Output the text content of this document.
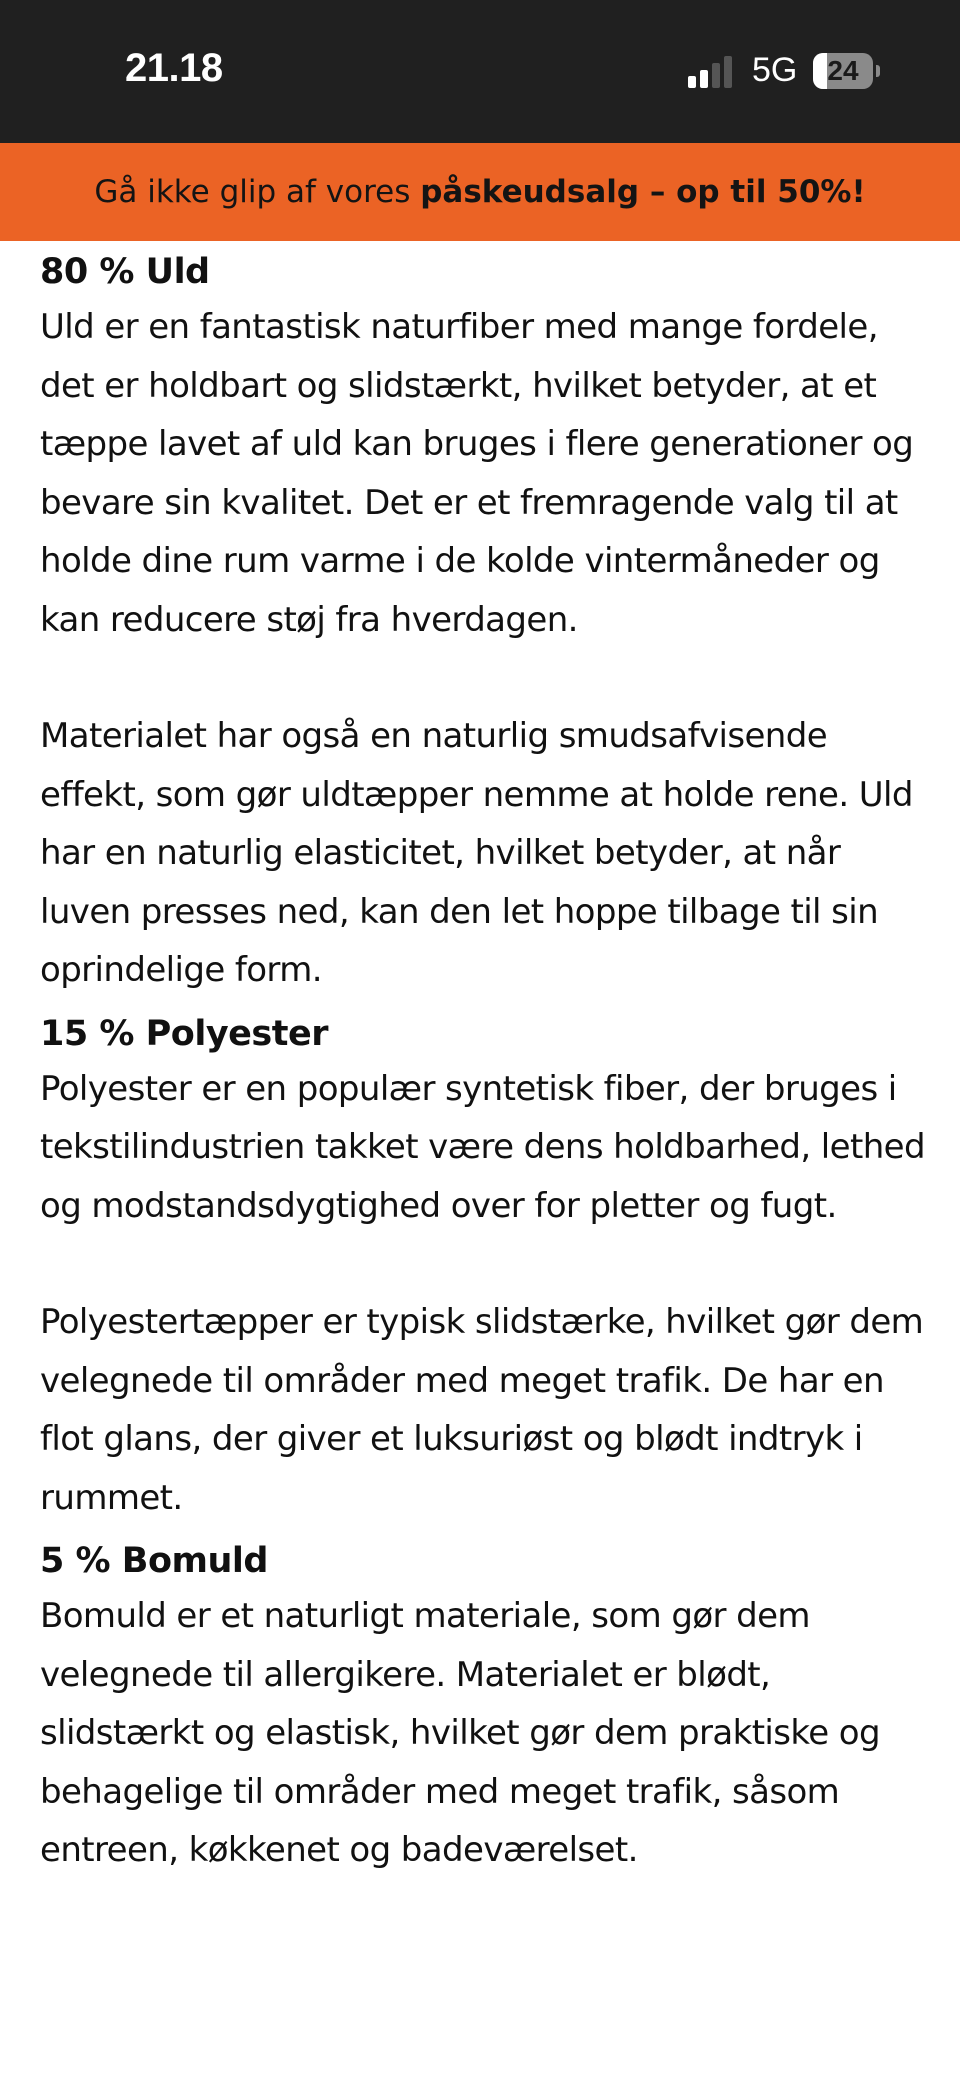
21.18	5G	24
Gå ikke glip af vores påskeudsalg – op til 50%!
80 % Uld

Uld er en fantastisk naturfiber med mange fordele, det er holdbart og slidstærkt, hvilket betyder, at et tæppe lavet af uld kan bruges i flere generationer og bevare sin kvalitet. Det er et fremragende valg til at holde dine rum varme i de kolde vintermåneder og kan reducere støj fra hverdagen.

Materialet har også en naturlig smudsafvisende effekt, som gør uldtæpper nemme at holde rene. Uld har en naturlig elasticitet, hvilket betyder, at når luven presses ned, kan den let hoppe tilbage til sin oprindelige form.

15 % Polyester

Polyester er en populær syntetisk fiber, der bruges i tekstilindustrien takket være dens holdbarhed, lethed og modstandsdygtighed over for pletter og fugt.

Polyestertæpper er typisk slidstærke, hvilket gør dem velegnede til områder med meget trafik. De har en flot glans, der giver et luksuriøst og blødt indtryk i rummet.

5 % Bomuld

Bomuld er et naturligt materiale, som gør dem velegnede til allergikere. Materialet er blødt, slidstærkt og elastisk, hvilket gør dem praktiske og behagelige til områder med meget trafik, såsom entreen, køkkenet og badeværelset.
